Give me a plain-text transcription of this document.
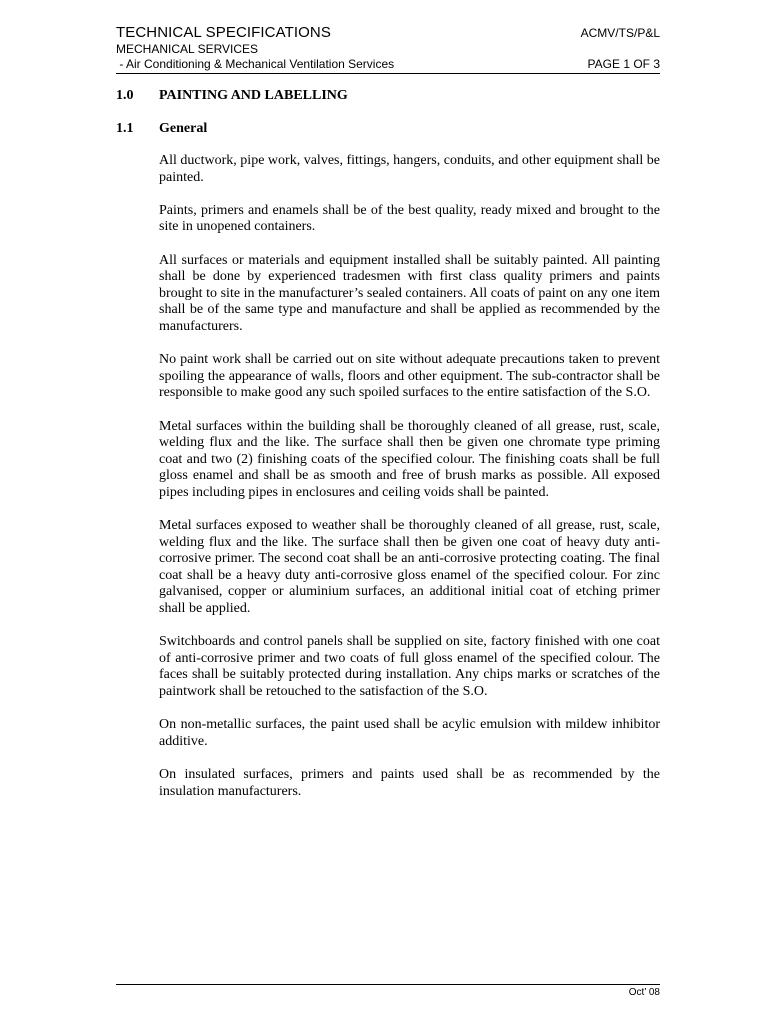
TECHNICAL SPECIFICATIONS	ACMV/TS/P&L
MECHANICAL SERVICES
- Air Conditioning & Mechanical Ventilation Services	PAGE 1 OF 3
1.0	PAINTING AND LABELLING
1.1	General

All ductwork, pipe work, valves, fittings, hangers, conduits, and other equipment shall be painted.

Paints, primers and enamels shall be of the best quality, ready mixed and brought to the site in unopened containers.

All surfaces or materials and equipment installed shall be suitably painted. All painting shall be done by experienced tradesmen with first class quality primers and paints brought to site in the manufacturer’s sealed containers. All coats of paint on any one item shall be of the same type and manufacture and shall be applied as recommended by the manufacturers.

No paint work shall be carried out on site without adequate precautions taken to prevent spoiling the appearance of walls, floors and other equipment. The sub-contractor shall be responsible to make good any such spoiled surfaces to the entire satisfaction of the S.O.

Metal surfaces within the building shall be thoroughly cleaned of all grease, rust, scale, welding flux and the like. The surface shall then be given one chromate type priming coat and two (2) finishing coats of the specified colour. The finishing coats shall be full gloss enamel and shall be as smooth and free of brush marks as possible. All exposed pipes including pipes in enclosures and ceiling voids shall be painted.

Metal surfaces exposed to weather shall be thoroughly cleaned of all grease, rust, scale, welding flux and the like. The surface shall then be given one coat of heavy duty anti-corrosive primer. The second coat shall be an anti-corrosive protecting coating. The final coat shall be a heavy duty anti-corrosive gloss enamel of the specified colour. For zinc galvanised, copper or aluminium surfaces, an additional initial coat of etching primer shall be applied.

Switchboards and control panels shall be supplied on site, factory finished with one coat of anti-corrosive primer and two coats of full gloss enamel of the specified colour. The faces shall be suitably protected during installation. Any chips marks or scratches of the paintwork shall be retouched to the satisfaction of the S.O.

On non-metallic surfaces, the paint used shall be acylic emulsion with mildew inhibitor additive.

On insulated surfaces, primers and paints used shall be as recommended by the insulation manufacturers.

Oct’ 08
